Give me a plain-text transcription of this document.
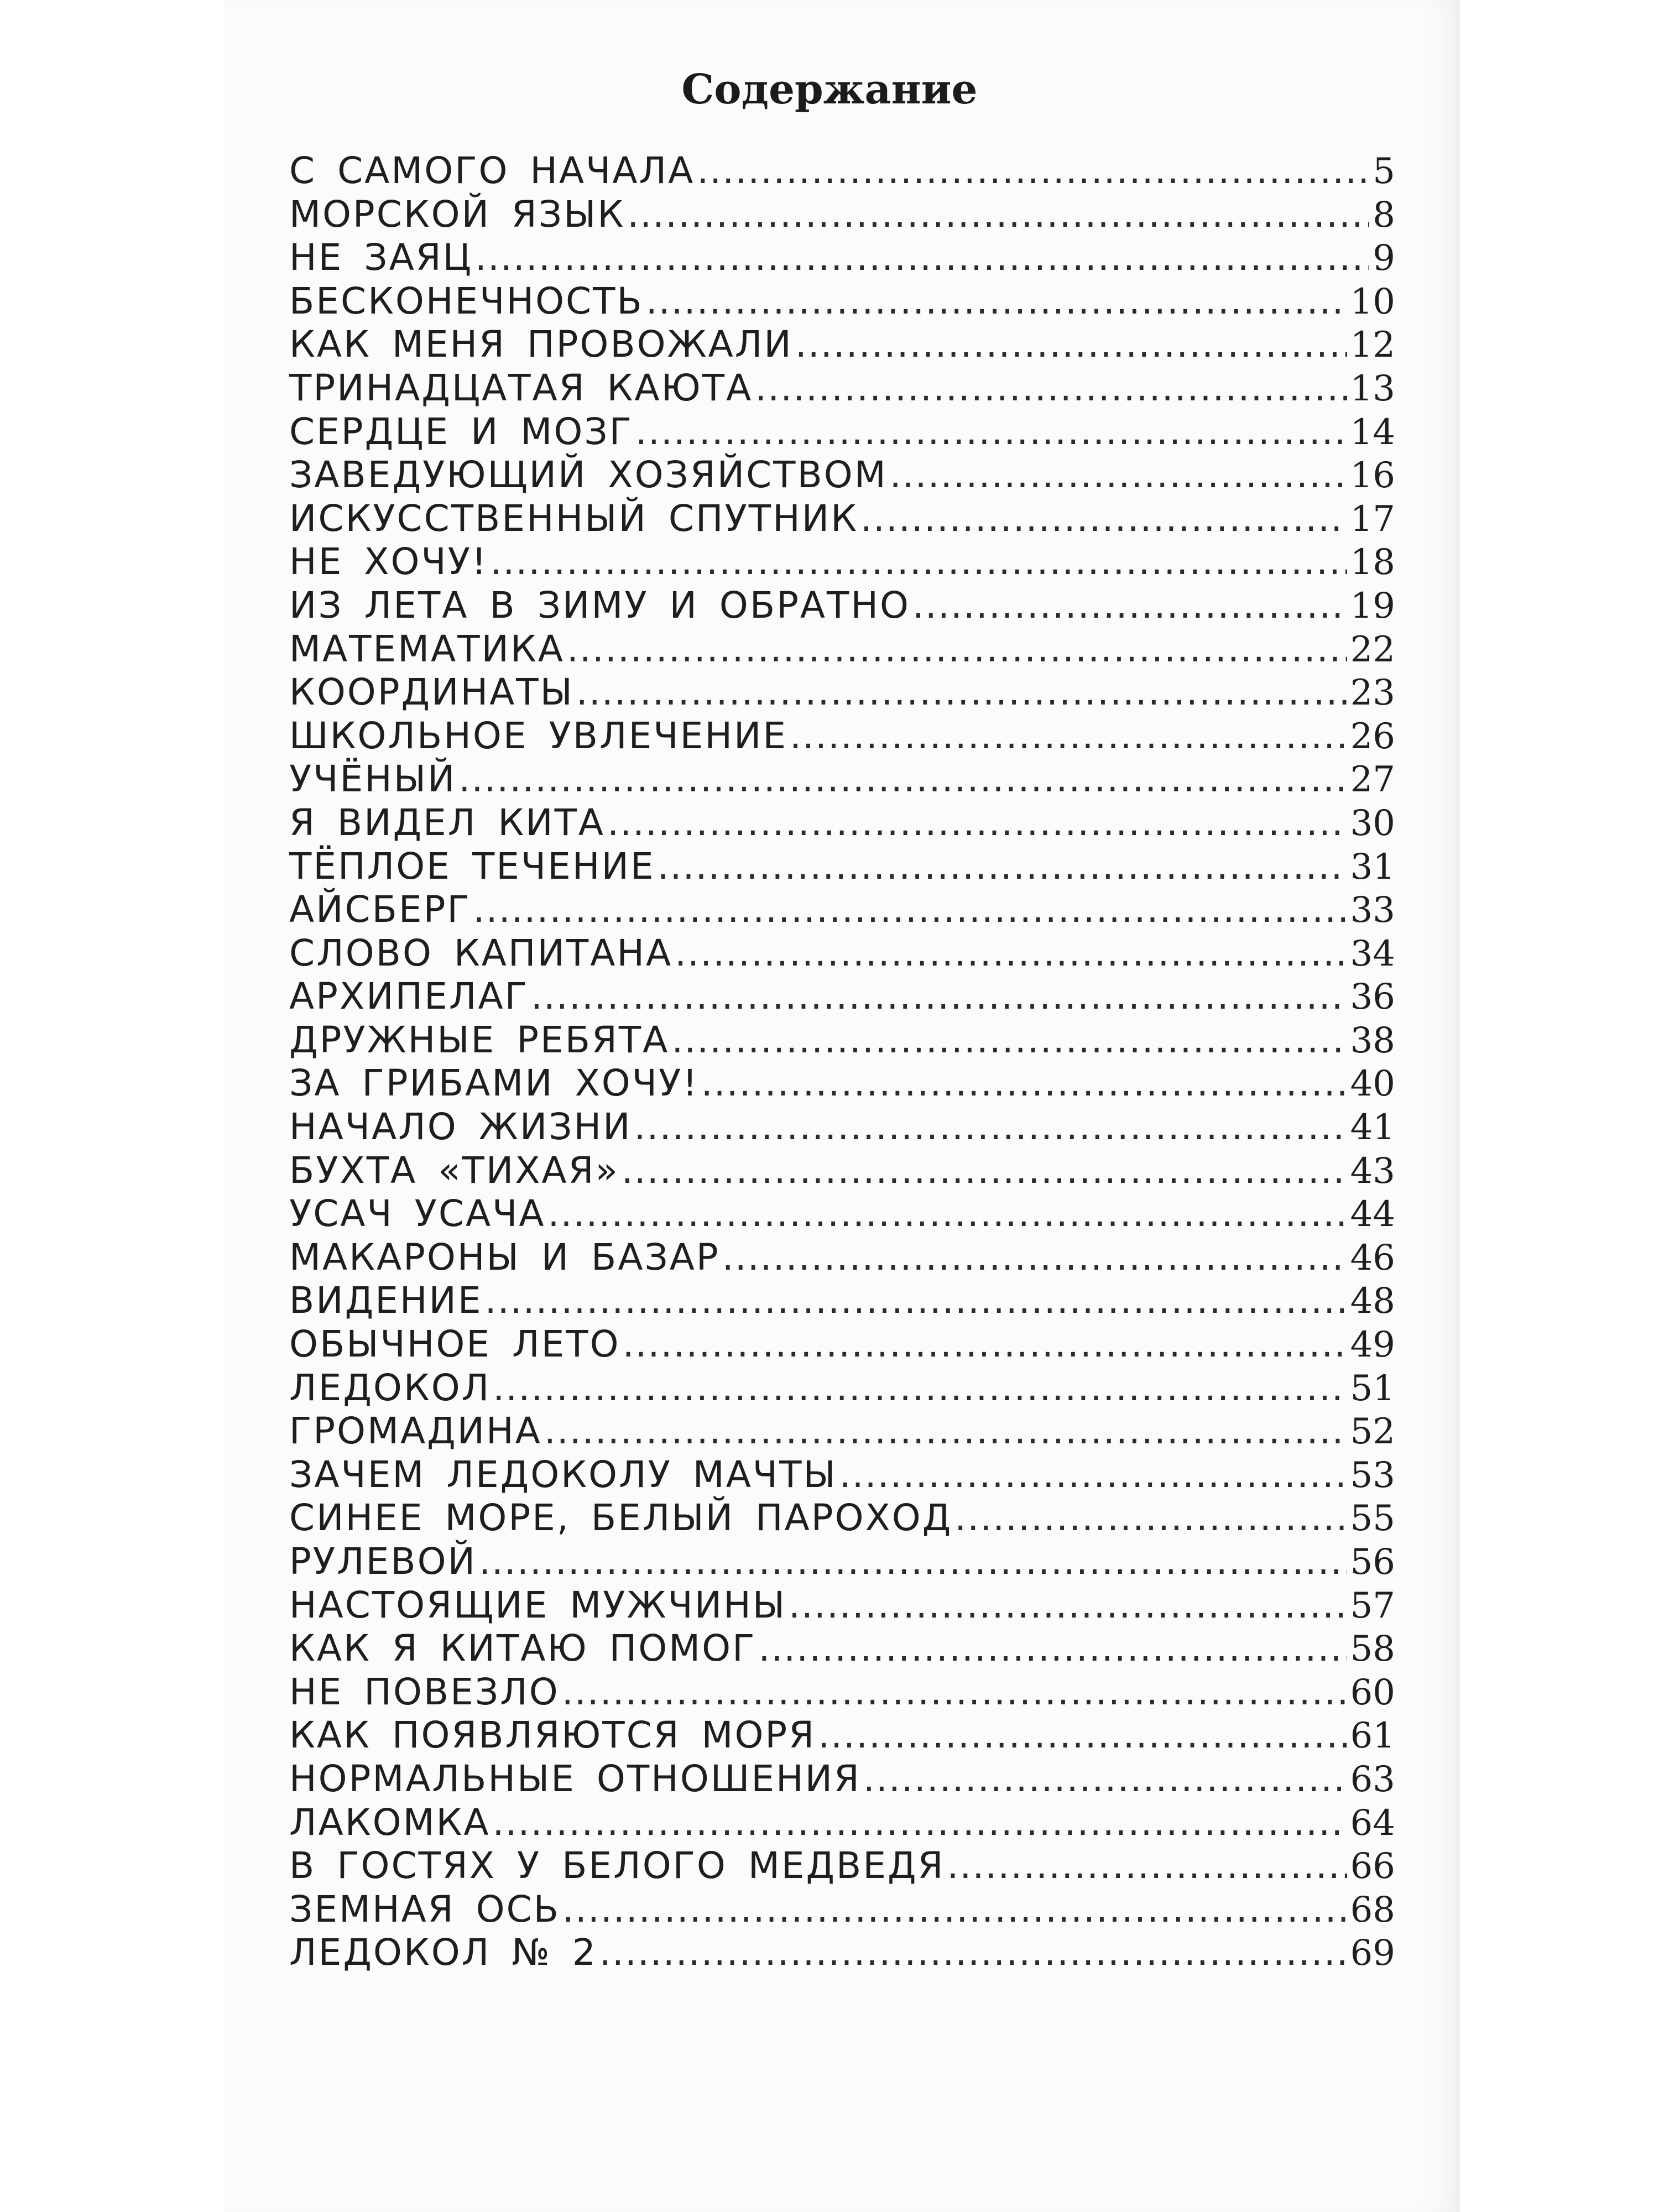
Содержание
С САМОГО НАЧАЛА .....	5
МОРСКОЙ ЯЗЫК .....	8
НЕ ЗАЯЦ .....	9
БЕСКОНЕЧНОСТЬ .....	10
КАК МЕНЯ ПРОВОЖАЛИ .....	12
ТРИНАДЦАТАЯ КАЮТА .....	13
СЕРДЦЕ И МОЗГ .....	14
ЗАВЕДУЮЩИЙ ХОЗЯЙСТВОМ .....	16
ИСКУССТВЕННЫЙ СПУТНИК .....	17
НЕ ХОЧУ! .....	18
ИЗ ЛЕТА В ЗИМУ И ОБРАТНО .....	19
МАТЕМАТИКА .....	22
КООРДИНАТЫ .....	23
ШКОЛЬНОЕ УВЛЕЧЕНИЕ .....	26
УЧЁНЫЙ .....	27
Я ВИДЕЛ КИТА .....	30
ТЁПЛОЕ ТЕЧЕНИЕ .....	31
АЙСБЕРГ .....	33
СЛОВО КАПИТАНА .....	34
АРХИПЕЛАГ .....	36
ДРУЖНЫЕ РЕБЯТА .....	38
ЗА ГРИБАМИ ХОЧУ! .....	40
НАЧАЛО ЖИЗНИ .....	41
БУХТА «ТИХАЯ» .....	43
УСАЧ УСАЧА .....	44
МАКАРОНЫ И БАЗАР .....	46
ВИДЕНИЕ .....	48
ОБЫЧНОЕ ЛЕТО .....	49
ЛЕДОКОЛ .....	51
ГРОМАДИНА .....	52
ЗАЧЕМ ЛЕДОКОЛУ МАЧТЫ .....	53
СИНЕЕ МОРЕ, БЕЛЫЙ ПАРОХОД .....	55
РУЛЕВОЙ .....	56
НАСТОЯЩИЕ МУЖЧИНЫ .....	57
КАК Я КИТАЮ ПОМОГ .....	58
НЕ ПОВЕЗЛО .....	60
КАК ПОЯВЛЯЮТСЯ МОРЯ .....	61
НОРМАЛЬНЫЕ ОТНОШЕНИЯ .....	63
ЛАКОМКА .....	64
В ГОСТЯХ У БЕЛОГО МЕДВЕДЯ .....	66
ЗЕМНАЯ ОСЬ .....	68
ЛЕДОКОЛ № 2 .....	69
